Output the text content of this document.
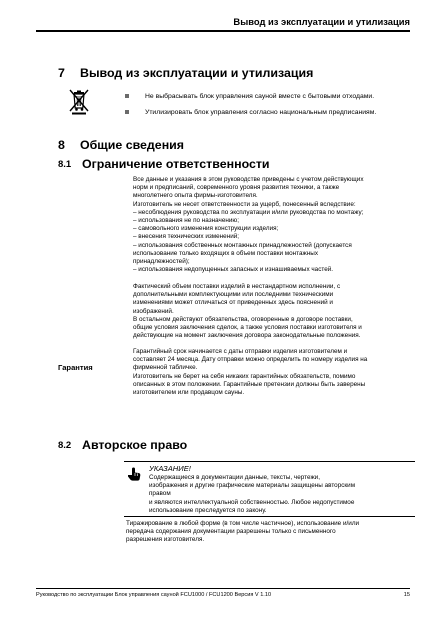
Вывод из эксплуатации и утилизация
7 Вывод из эксплуатации и утилизация
Не выбрасывать блок управления сауной вместе с бытовыми отходами.
Утилизировать блок управления согласно национальным предписаниям.
8 Общие сведения
8.1 Ограничение ответственности
Все данные и указания в этом руководстве приведены с учетом действующих
норм и предписаний, современного уровня развития техники, а также
многолетнего опыта фирмы-изготовителя.
Изготовитель не несет ответственности за ущерб, понесенный вследствие:
– несоблюдения руководства по эксплуатации и/или руководства по монтажу;
– использования не по назначению;
– самовольного изменения конструкции изделия;
– внесения технических изменений;
– использования собственных монтажных принадлежностей (допускается
использование только входящих в объем поставки монтажных
принадлежностей);
– использования недопущенных запасных и изнашиваемых частей.
Фактический объем поставки изделий в нестандартном исполнении, с
дополнительными комплектующими или последними техническими
изменениями может отличаться от приведенных здесь пояснений и
изображений.
В остальном действуют обязательства, оговоренные в договоре поставки,
общие условия заключения сделок, а также условия поставки изготовителя и
действующие на момент заключения договора законодательные положения.
Гарантия
Гарантийный срок начинается с даты отправки изделия изготовителем и
составляет 24 месяца. Дату отправки можно определить по номеру изделия на
фирменной табличке.
Изготовитель не берет на себя никаких гарантийных обязательств, помимо
описанных в этом положении. Гарантийные претензии должны быть заверены
изготовителем или продавцом сауны.
8.2 Авторское право
УКАЗАНИЕ!
Содержащиеся в документации данные, тексты, чертежи,
изображения и другие графические материалы защищены авторским
правом
и являются интеллектуальной собственностью. Любое недопустимое
использование преследуется по закону.
Тиражирование в любой форме (в том числе частичное), использование и/или
передача содержания документации разрешены только с письменного
разрешения изготовителя.
Руководство по эксплуатации Блок управления сауной FCU1000 / FCU1200 Версия V 1.10	15
